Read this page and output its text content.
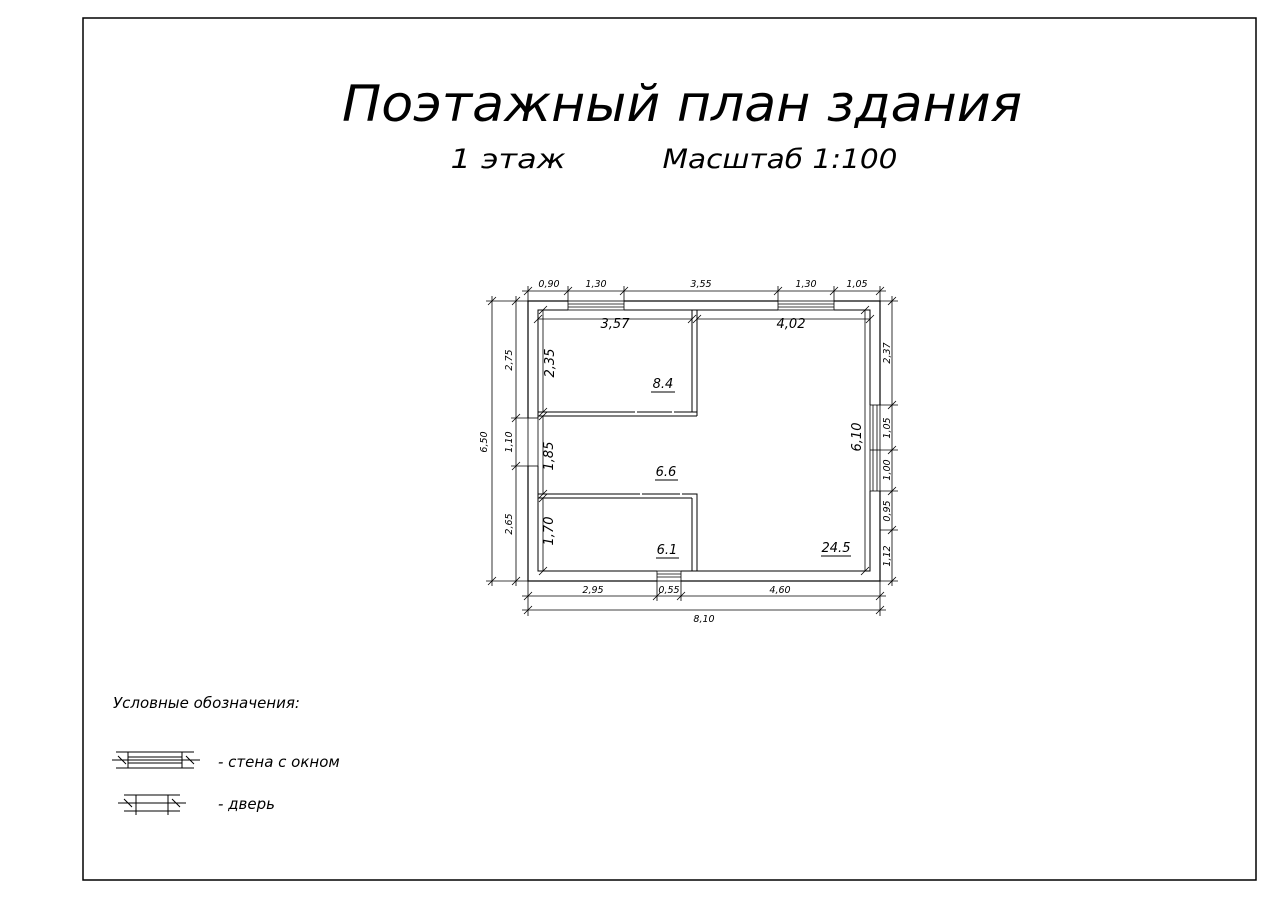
Поэтажный план здания
1 этаж	Масштаб 1:100
0,90	1,30	3,55	1,30	1,05
6,50
2,75
1,10
2,65
2,37
1,05
1,00
0,95
1,12
2,95	0,55	4,60
8,10
3,57
2,35
4,02
6,10
1,85
1,70
8.4
6.6
6.1	24.5
Условные обозначения:
- стена с окном
- дверь
